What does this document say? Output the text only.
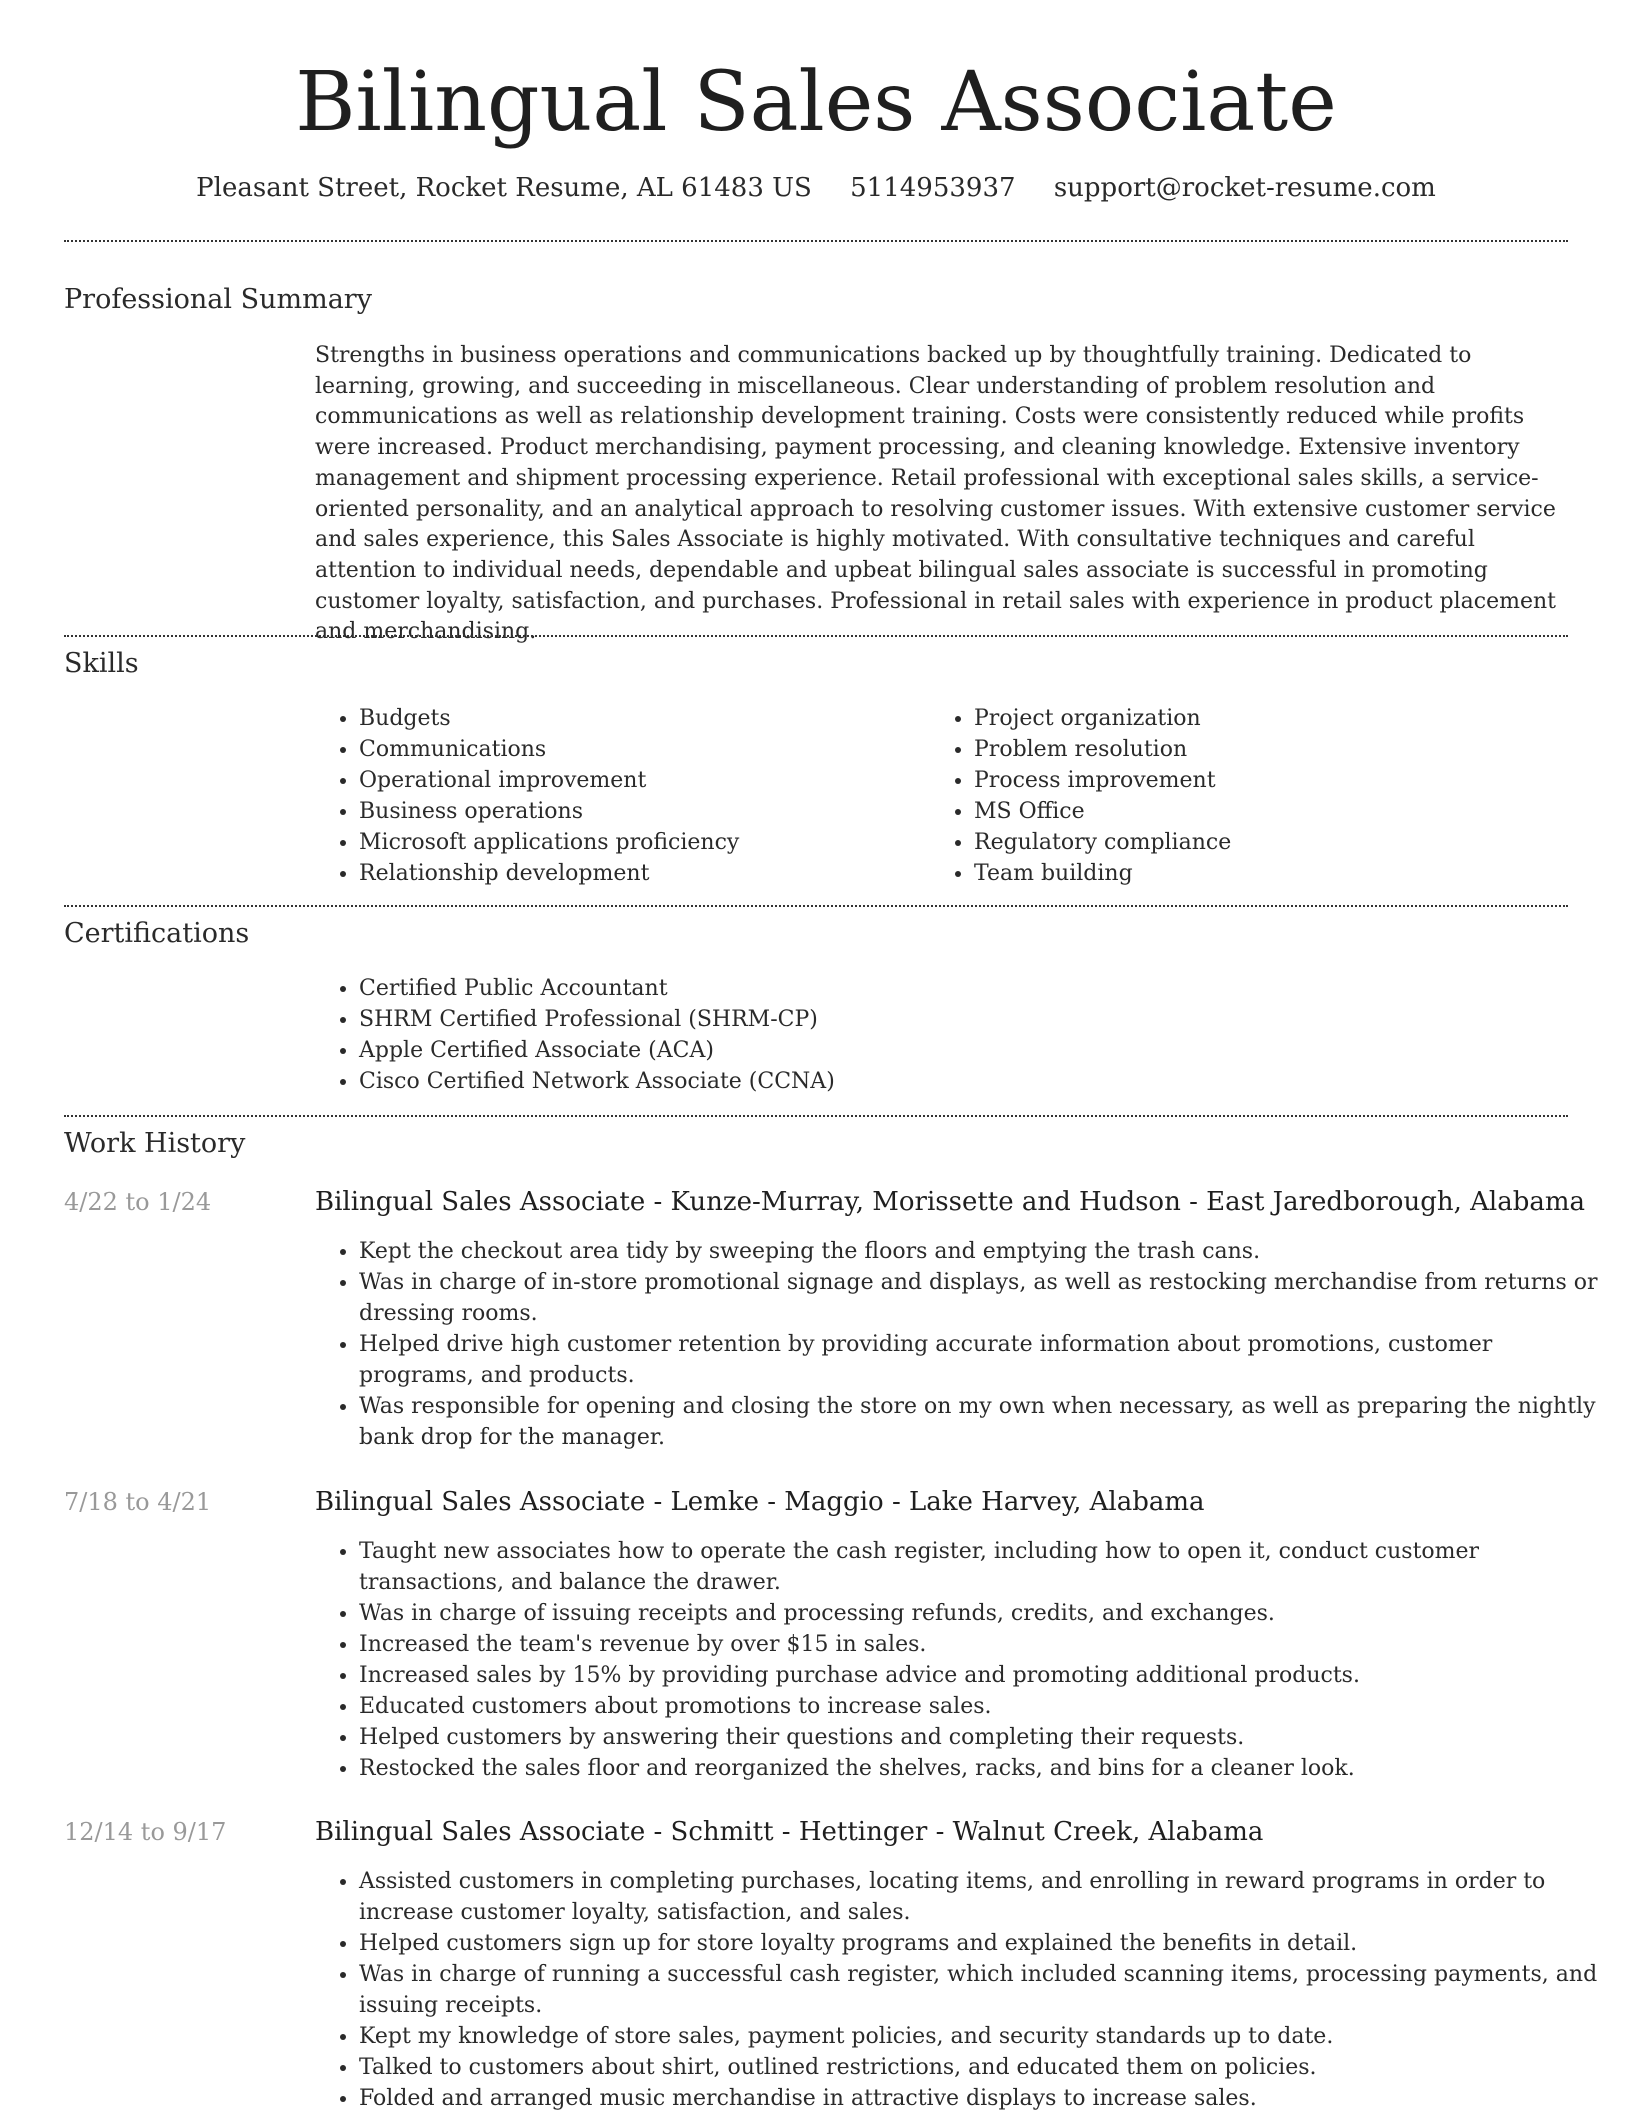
Bilingual Sales Associate
Pleasant Street, Rocket Resume, AL 61483 US 5114953937 support@rocket-resume.com
Professional Summary

Strengths in business operations and communications backed up by thoughtfully training. Dedicated to learning, growing, and succeeding in miscellaneous. Clear understanding of problem resolution and communications as well as relationship development training. Costs were consistently reduced while profits were increased. Product merchandising, payment processing, and cleaning knowledge. Extensive inventory management and shipment processing experience. Retail professional with exceptional sales skills, a service-oriented personality, and an analytical approach to resolving customer issues. With extensive customer service and sales experience, this Sales Associate is highly motivated. With consultative techniques and careful attention to individual needs, dependable and upbeat bilingual sales associate is successful in promoting customer loyalty, satisfaction, and purchases. Professional in retail sales with experience in product placement and merchandising.

Skills
• Budgets
• Communications
• Operational improvement
• Business operations
• Microsoft applications proficiency
• Relationship development
• Project organization
• Problem resolution
• Process improvement
• MS Office
• Regulatory compliance
• Team building
Certifications
• Certified Public Accountant
• SHRM Certified Professional (SHRM-CP)
• Apple Certified Associate (ACA)
• Cisco Certified Network Associate (CCNA)
Work History
4/22 to 1/24	Bilingual Sales Associate - Kunze-Murray, Morissette and Hudson - East Jaredborough, Alabama
• Kept the checkout area tidy by sweeping the floors and emptying the trash cans.
• Was in charge of in-store promotional signage and displays, as well as restocking merchandise from returns or dressing rooms.
• Helped drive high customer retention by providing accurate information about promotions, customer programs, and products.
• Was responsible for opening and closing the store on my own when necessary, as well as preparing the nightly bank drop for the manager.
7/18 to 4/21	Bilingual Sales Associate - Lemke - Maggio - Lake Harvey, Alabama
• Taught new associates how to operate the cash register, including how to open it, conduct customer transactions, and balance the drawer.
• Was in charge of issuing receipts and processing refunds, credits, and exchanges.
• Increased the team's revenue by over $15 in sales.
• Increased sales by 15% by providing purchase advice and promoting additional products.
• Educated customers about promotions to increase sales.
• Helped customers by answering their questions and completing their requests.
• Restocked the sales floor and reorganized the shelves, racks, and bins for a cleaner look.
12/14 to 9/17	Bilingual Sales Associate - Schmitt - Hettinger - Walnut Creek, Alabama
• Assisted customers in completing purchases, locating items, and enrolling in reward programs in order to increase customer loyalty, satisfaction, and sales.
• Helped customers sign up for store loyalty programs and explained the benefits in detail.
• Was in charge of running a successful cash register, which included scanning items, processing payments, and issuing receipts.
• Kept my knowledge of store sales, payment policies, and security standards up to date.
• Talked to customers about shirt, outlined restrictions, and educated them on policies.
• Folded and arranged music merchandise in attractive displays to increase sales.
